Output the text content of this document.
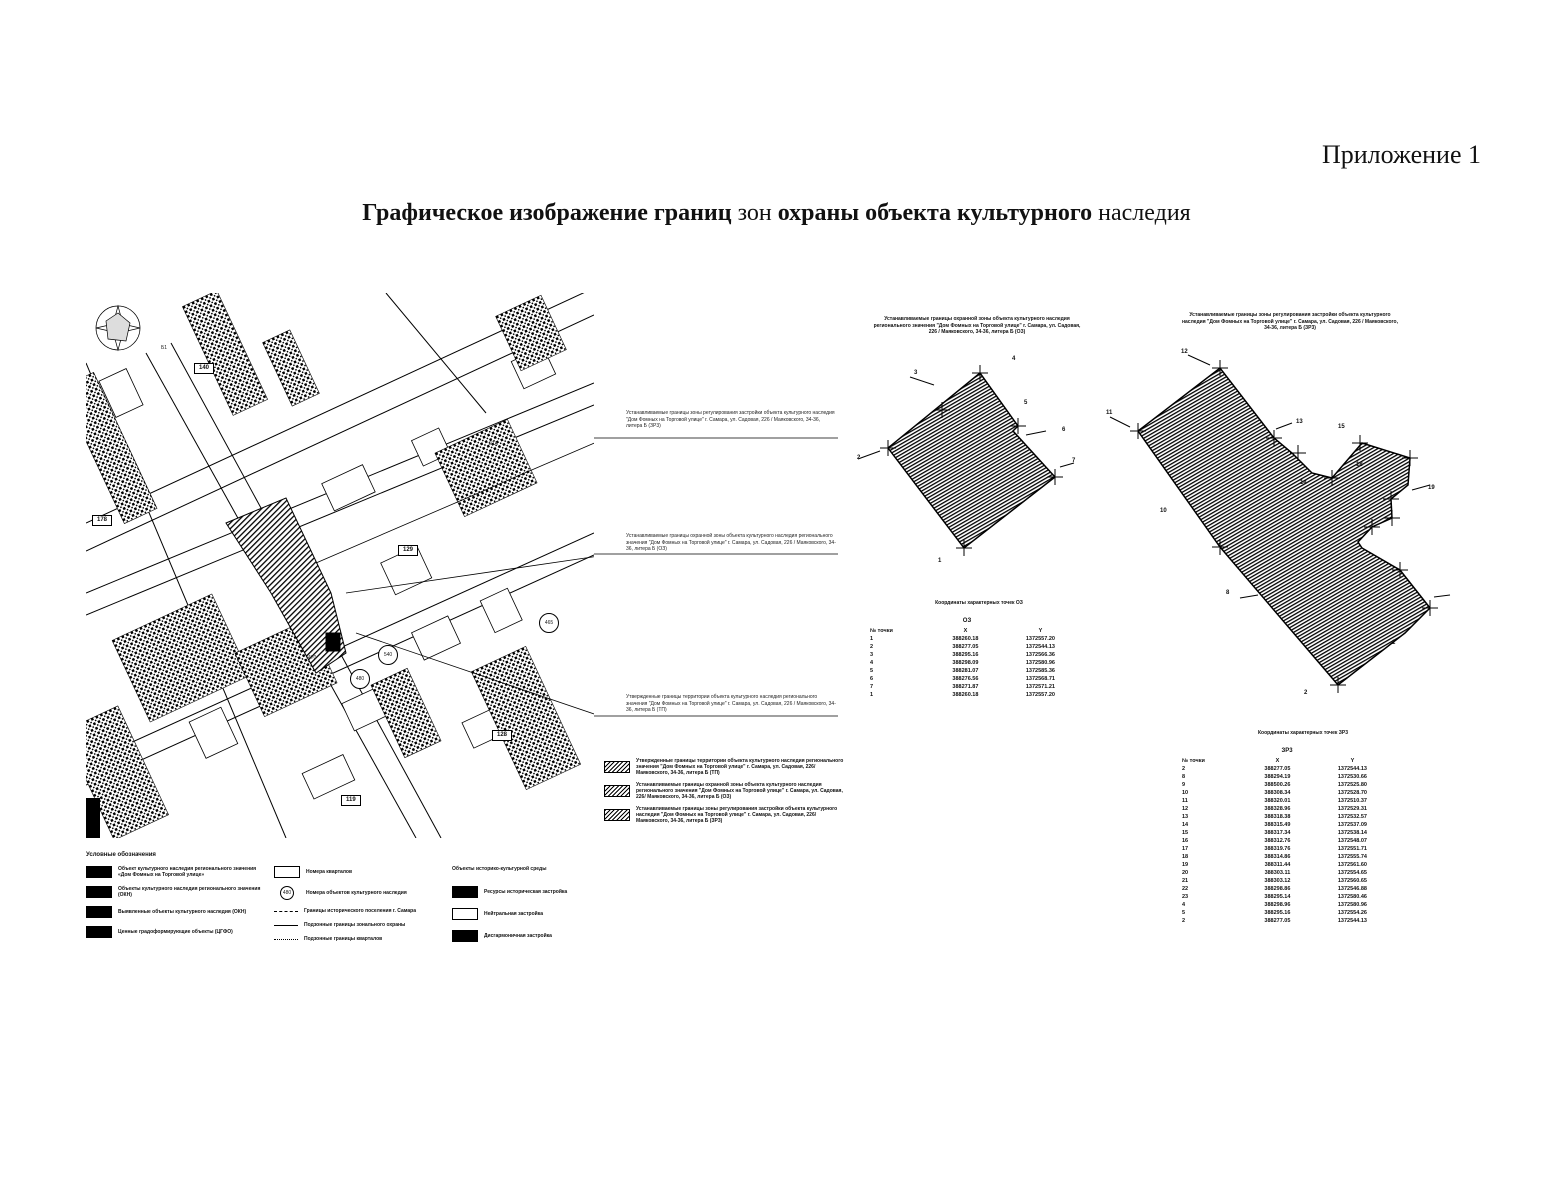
Приложение 1
Графическое изображение границ зон охраны объекта культурного наследия
140
129
128
119
178
465
480
540
470
21А
Б1
Устанавливаемые границы зоны регулирования застройки объекта культурного наследия "Дом Фомных на Торговой улице" г. Самара, ул. Садовая, 226 / Маяковского, 34-36, литера Б (ЗР3)
Устанавливаемые границы охранной зоны объекта культурного наследия регионального значения "Дом Фомных на Торговой улице" г. Самара, ул. Садовая, 226 / Маяковского, 34-36, литера Б (ОЗ)
Утвержденные границы территории объекта культурного наследия регионального значения "Дом Фомных на Торговой улице" г. Самара, ул. Садовая, 226 / Маяковского, 34-36, литера Б (ТП)
Утвержденные границы территории объекта культурного наследия регионального значения "Дом Фомных на Торговой улице" г. Самара, ул. Садовая, 226/ Маяковского, 34-36, литера Б (ТП)
Устанавливаемые границы охранной зоны объекта культурного наследия регионального значения "Дом Фомных на Торговой улице" г. Самара, ул. Садовая, 226/ Маяковского, 34-36, литера Б (ОЗ)
Устанавливаемые границы зоны регулирования застройки объекта культурного наследия "Дом Фомных на Торговой улице" г. Самара, ул. Садовая, 226/ Маяковского, 34-36, литера Б (ЗР3)
Условные обозначения
Объект культурного наследия регионального значения «Дом Фомных на Торговой улице»
Объекты культурного наследия регионального значения (ОКН)
Выявленные объекты культурного наследия (ОКН)
Ценные градоформирующие объекты (ЦГФО)
Номера кварталов
480	Номера объектов культурного наследия
Границы исторического поселения г. Самара
Подзонные границы зонального охраны
Подзонные границы кварталов
Объекты историко-культурной среды
Ресурсы историческая застройка
Нейтральная застройка
Дисгармоничная застройка
Устанавливаемые границы охранной зоны объекта культурного наследия регионального значения "Дом Фомных на Торговой улице" г. Самара, ул. Садовая, 226 / Маяковского, 34-36, литера Б (ОЗ)
2
3
6
1
4
5
7
Координаты характерных точек ОЗ
ОЗ
№ точки	X	Y
1	388260.18	1372557.20
2	388277.05	1372544.13
3	388295.16	1372566.36
4	388298.09	1372580.96
5	388281.07	1372585.36
6	388276.56	1372568.71
7	388271.87	1372571.21
1	388260.18	1372557.20
Устанавливаемые границы зоны регулирования застройки объекта культурного наследия "Дом Фомных на Торговой улице" г. Самара, ул. Садовая, 226 / Маяковского, 34-36, литера Б (ЗР3)
12
11
10
8
2
1
13
15
14
18
19
Координаты характерных точек ЗР3
ЗР3
№ точки	X	Y
2	388277.05	1372544.13
8	388294.19	1372530.66
9	388500.26	1372525.80
10	388308.34	1372528.70
11	388320.01	1372510.37
12	388328.96	1372529.31
13	388318.38	1372532.57
14	388315.49	1372537.09
15	388317.34	1372538.14
16	388312.76	1372548.07
17	388319.76	1372551.71
18	388314.86	1372555.74
19	388311.44	1372561.60
20	388303.11	1372554.65
21	388303.12	1372560.65
22	388298.86	1372546.88
23	388295.14	1372580.46
4	388298.96	1372580.96
5	388295.16	1372554.26
2	388277.05	1372544.13
